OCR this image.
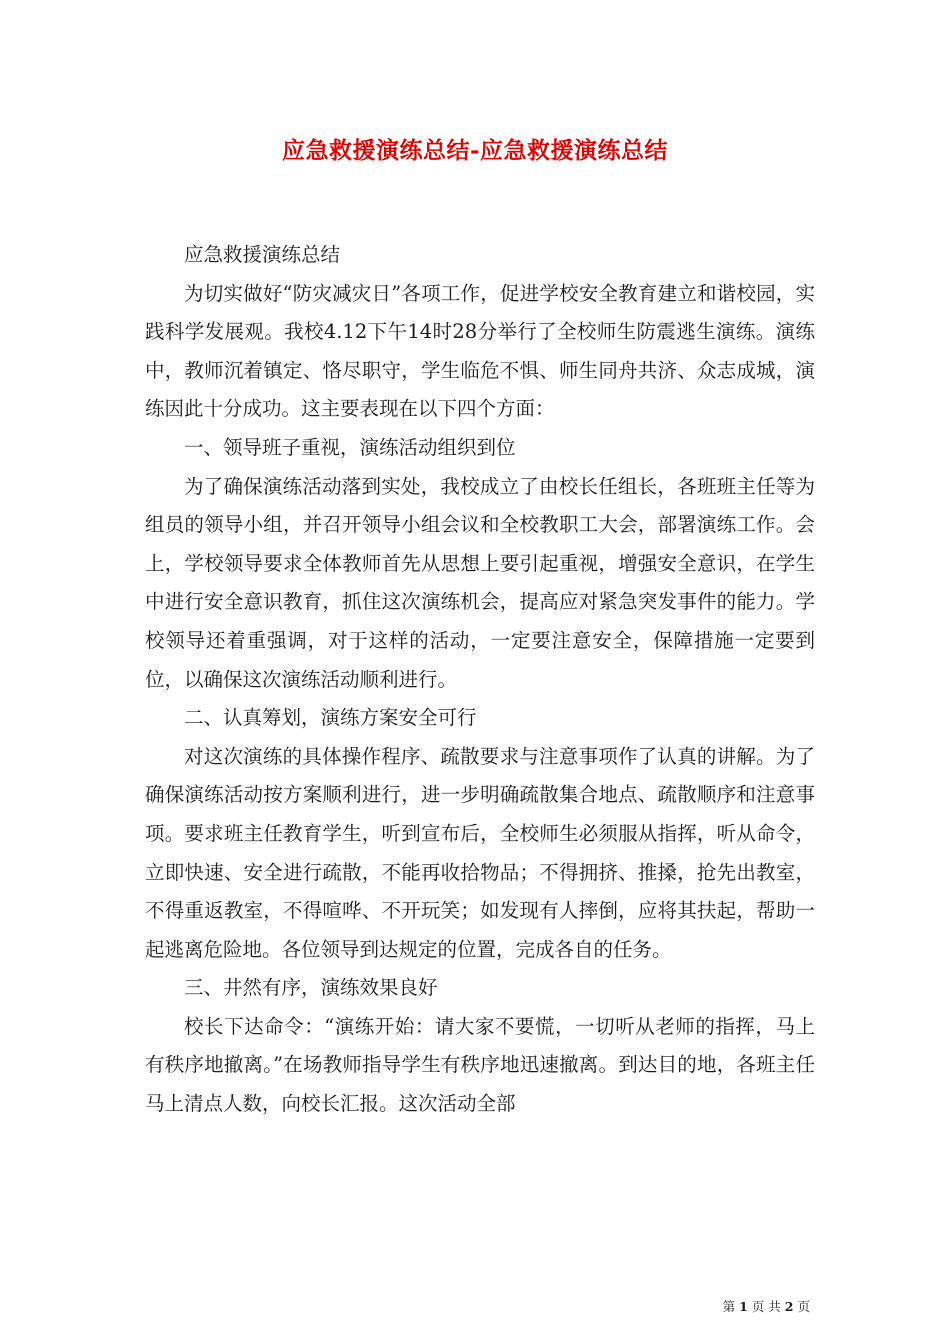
应急救援演练总结-应急救援演练总结

应急救援演练总结

为切实做好“防灾减灾日”各项工作，促进学校安全教育建立和谐校园，实践科学发展观。我校4.12下午14时28分举行了全校师生防震逃生演练。演练中，教师沉着镇定、恪尽职守，学生临危不惧、师生同舟共济、众志成城，演练因此十分成功。这主要表现在以下四个方面：

一、领导班子重视，演练活动组织到位

为了确保演练活动落到实处，我校成立了由校长任组长，各班班主任等为组员的领导小组，并召开领导小组会议和全校教职工大会，部署演练工作。会上，学校领导要求全体教师首先从思想上要引起重视，增强安全意识，在学生中进行安全意识教育，抓住这次演练机会，提高应对紧急突发事件的能力。学校领导还着重强调，对于这样的活动，一定要注意安全，保障措施一定要到位，以确保这次演练活动顺利进行。

二、认真筹划，演练方案安全可行

对这次演练的具体操作程序、疏散要求与注意事项作了认真的讲解。为了确保演练活动按方案顺利进行，进一步明确疏散集合地点、疏散顺序和注意事项。要求班主任教育学生，听到宣布后，全校师生必须服从指挥，听从命令，立即快速、安全进行疏散，不能再收拾物品；不得拥挤、推搡，抢先出教室，不得重返教室，不得喧哗、不开玩笑；如发现有人摔倒，应将其扶起，帮助一起逃离危险地。各位领导到达规定的位置，完成各自的任务。

三、井然有序，演练效果良好

校长下达命令：“演练开始：请大家不要慌，一切听从老师的指挥，马上有秩序地撤离。”在场教师指导学生有秩序地迅速撤离。到达目的地，各班主任马上清点人数，向校长汇报。这次活动全部

第 1 页 共 2 页
